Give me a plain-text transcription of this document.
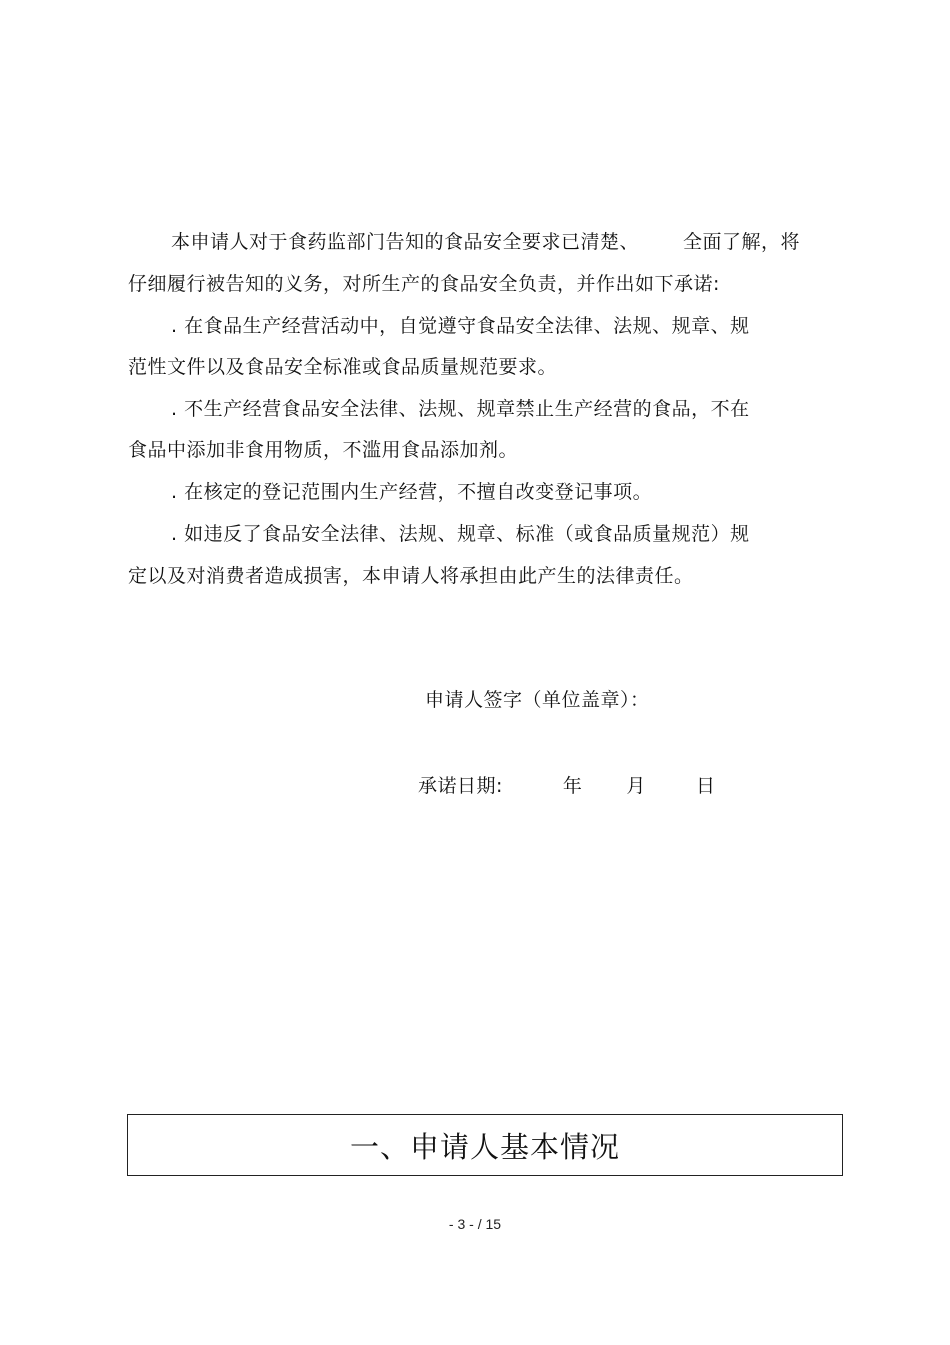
本申请人对于食药监部门告知的食品安全要求已清楚、 全面了解，将
仔细履行被告知的义务，对所生产的食品安全负责，并作出如下承诺:
. 在食品生产经营活动中，自觉遵守食品安全法律、法规、规章、规
范性文件以及食品安全标准或食品质量规范要求。
. 不生产经营食品安全法律、法规、规章禁止生产经营的食品，不在
食品中添加非食用物质，不滥用食品添加剂。
. 在核定的登记范围内生产经营，不擅自改变登记事项。
. 如违反了食品安全法律、法规、规章、标准（或食品质量规范）规
定以及对消费者造成损害，本申请人将承担由此产生的法律责任。
申请人签字（单位盖章）：
承诺日期:	年 月	日
一、申请人基本情况
- 3 - / 15
